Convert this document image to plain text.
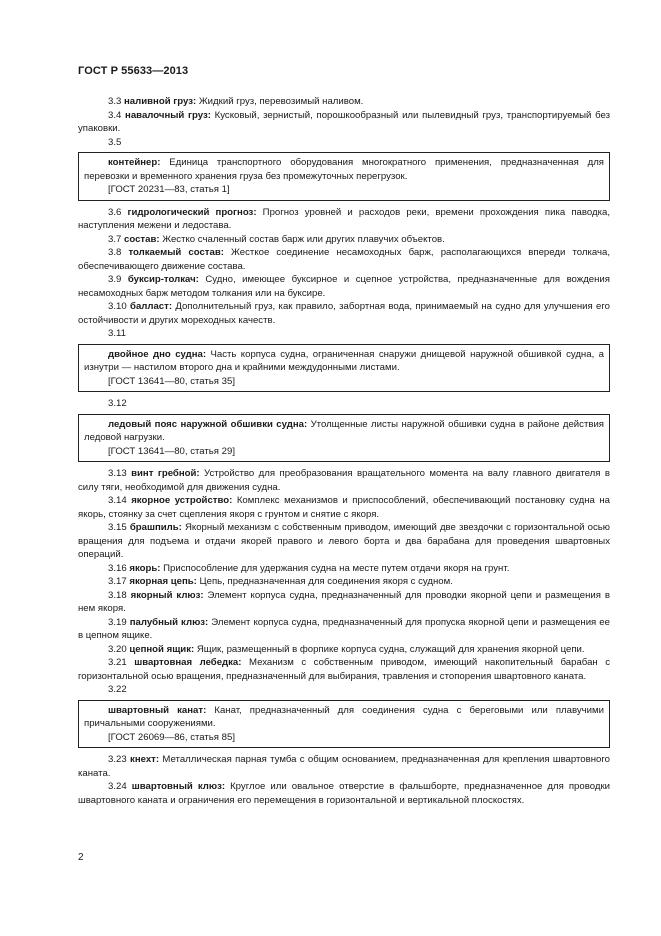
ГОСТ Р 55633—2013

3.3 наливной груз: Жидкий груз, перевозимый наливом.

3.4 навалочный груз: Кусковый, зернистый, порошкообразный или пылевидный груз, транспортируемый без упаковки.

3.5

контейнер: Единица транспортного оборудования многократного применения, предназначенная для перевозки и временного хранения груза без промежуточных перегрузок.

[ГОСТ 20231—83, статья 1]

3.6 гидрологический прогноз: Прогноз уровней и расходов реки, времени прохождения пика паводка, наступления межени и ледостава.

3.7 состав: Жестко счаленный состав барж или других плавучих объектов.

3.8 толкаемый состав: Жесткое соединение несамоходных барж, располагающихся впереди толкача, обеспечивающего движение состава.

3.9 буксир-толкач: Судно, имеющее буксирное и сцепное устройства, предназначенные для вождения несамоходных барж методом толкания или на буксире.

3.10 балласт: Дополнительный груз, как правило, забортная вода, принимаемый на судно для улучшения его остойчивости и других мореходных качеств.

3.11

двойное дно судна: Часть корпуса судна, ограниченная снаружи днищевой наружной обшивкой судна, а изнутри — настилом второго дна и крайними междудонными листами.

[ГОСТ 13641—80, статья 35]

3.12

ледовый пояс наружной обшивки судна: Утолщенные листы наружной обшивки судна в районе действия ледовой нагрузки.

[ГОСТ 13641—80, статья 29]

3.13 винт гребной: Устройство для преобразования вращательного момента на валу главного двигателя в силу тяги, необходимой для движения судна.

3.14 якорное устройство: Комплекс механизмов и приспособлений, обеспечивающий постановку судна на якорь, стоянку за счет сцепления якоря с грунтом и снятие с якоря.

3.15 брашпиль: Якорный механизм с собственным приводом, имеющий две звездочки с горизонтальной осью вращения для подъема и отдачи якорей правого и левого борта и два барабана для проведения швартовных операций.

3.16 якорь: Приспособление для удержания судна на месте путем отдачи якоря на грунт.

3.17 якорная цепь: Цепь, предназначенная для соединения якоря с судном.

3.18 якорный клюз: Элемент корпуса судна, предназначенный для проводки якорной цепи и размещения в нем якоря.

3.19 палубный клюз: Элемент корпуса судна, предназначенный для пропуска якорной цепи и размещения ее в цепном ящике.

3.20 цепной ящик: Ящик, размещенный в форпике корпуса судна, служащий для хранения якорной цепи.

3.21 швартовная лебедка: Механизм с собственным приводом, имеющий накопительный барабан с горизонтальной осью вращения, предназначенный для выбирания, травления и стопорения швартовного каната.

3.22

швартовный канат: Канат, предназначенный для соединения судна с береговыми или плавучими причальными сооружениями.

[ГОСТ 26069—86, статья 85]

3.23 кнехт: Металлическая парная тумба с общим основанием, предназначенная для крепления швартовного каната.

3.24 швартовный клюз: Круглое или овальное отверстие в фальшборте, предназначенное для проводки швартовного каната и ограничения его перемещения в горизонтальной и вертикальной плоскостях.

2
